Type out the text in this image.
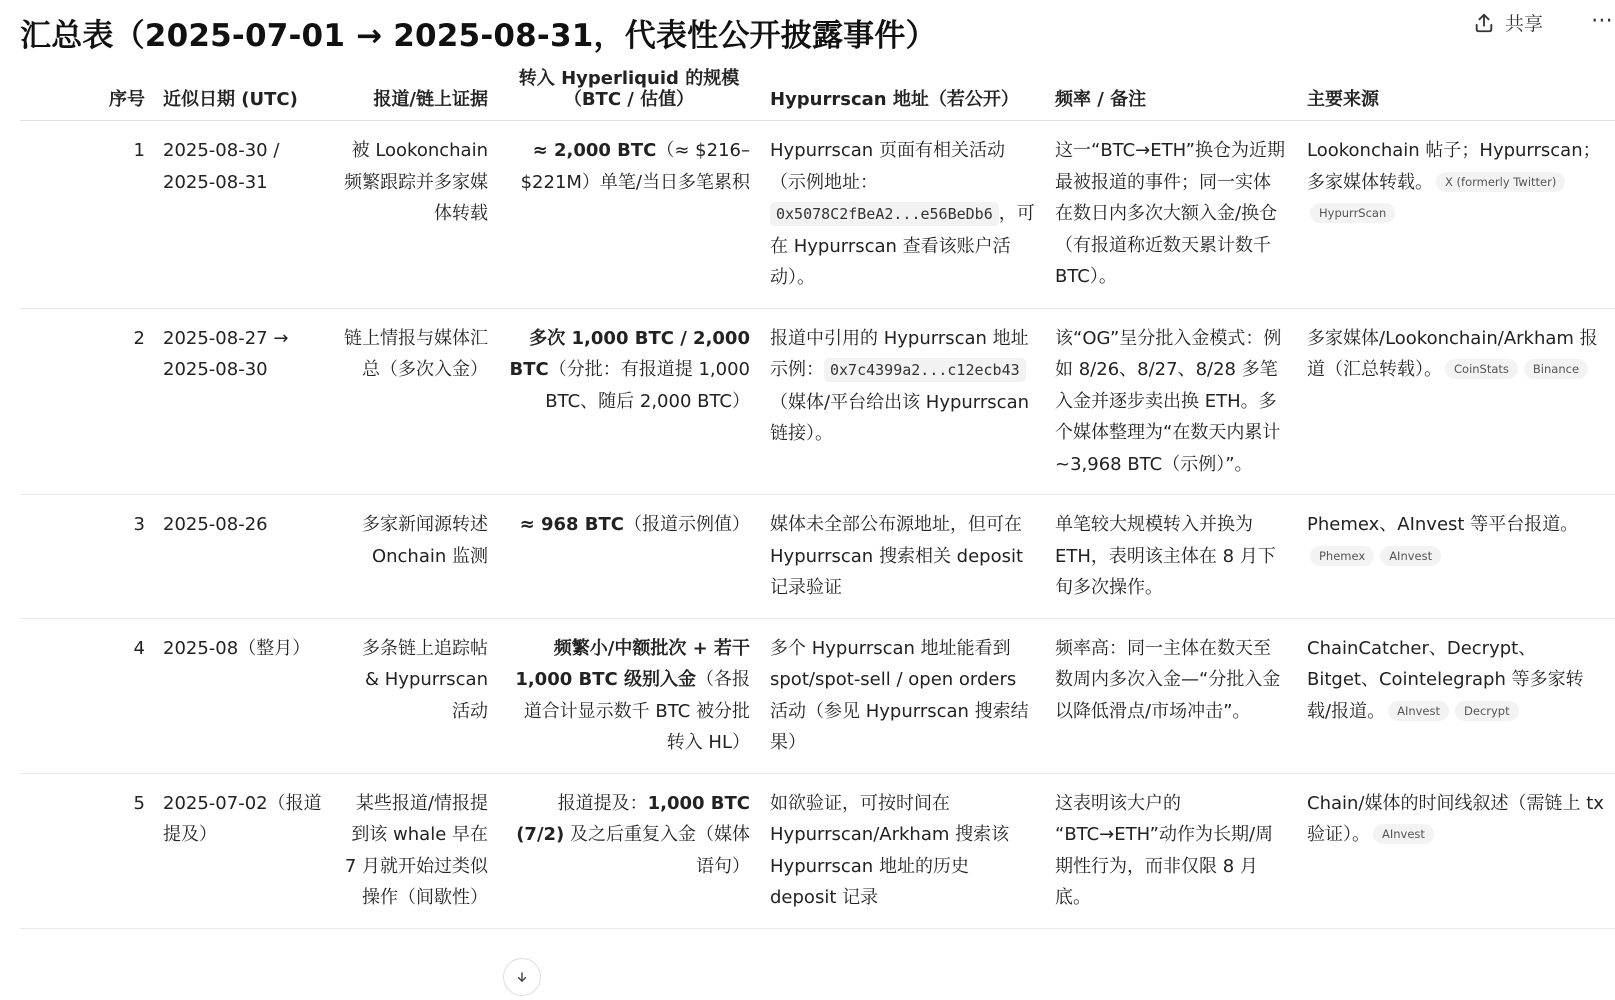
汇总表（2025-07-01 → 2025-08-31，代表性公开披露事件）	共享 ⋯
序号	近似日期 (UTC)	报道/链上证据	转入 Hyperliquid 的规模（BTC / 估值）	Hypurrscan 地址（若公开）	频率 / 备注	主要来源
1	2025-08-30 / 2025-08-31	被 Lookonchain 频繁跟踪并多家媒体转载	≈ 2,000 BTC（≈ $216–$221M）单笔/当日多笔累积	Hypurrscan 页面有相关活动（示例地址：0x5078C2fBeA2...e56BeDb6 ，可在 Hypurrscan 查看该账户活动）。	这一“BTC→ETH”换仓为近期最被报道的事件；同一实体在数日内多次大额入金/换仓（有报道称近数天累计数千 BTC）。	Lookonchain 帖子；Hypurrscan；多家媒体转载。 X (formerly Twitter)HypurrScan
2	2025-08-27 → 2025-08-30	链上情报与媒体汇总（多次入金）	多次 1,000 BTC / 2,000 BTC（分批：有报道提 1,000 BTC、随后 2,000 BTC）	报道中引用的 Hypurrscan 地址示例： 0x7c4399a2...c12ecb43（媒体/平台给出该 Hypurrscan 链接）。	该“OG”呈分批入金模式：例如 8/26、8/27、8/28 多笔入金并逐步卖出换 ETH。多个媒体整理为“在数天内累计 ~3,968 BTC（示例）”。	多家媒体/Lookonchain/Arkham 报道（汇总转载）。 CoinStats Binance
3	2025-08-26	多家新闻源转述 Onchain 监测	≈ 968 BTC（报道示例值）	媒体未全部公布源地址，但可在 Hypurrscan 搜索相关 deposit 记录验证	单笔较大规模转入并换为 ETH，表明该主体在 8 月下旬多次操作。	Phemex、AInvest 等平台报道。Phemex AInvest
4	2025-08（整月）	多条链上追踪帖 & Hypurrscan 活动	频繁小/中额批次 + 若干 1,000 BTC 级别入金（各报道合计显示数千 BTC 被分批转入 HL）	多个 Hypurrscan 地址能看到 spot/spot-sell / open orders 活动（参见 Hypurrscan 搜索结果）	频率高：同一主体在数天至数周内多次入金—“分批入金以降低滑点/市场冲击”。	ChainCatcher、Decrypt、Bitget、Cointelegraph 等多家转载/报道。 AInvest Decrypt
5	2025-07-02（报道提及）	某些报道/情报提到该 whale 早在 7 月就开始过类似操作（间歇性）	报道提及：1,000 BTC (7/2) 及之后重复入金（媒体语句）	如欲验证，可按时间在 Hypurrscan/Arkham 搜索该 Hypurrscan 地址的历史 deposit 记录	这表明该大户的 “BTC→ETH”动作为长期/周期性行为，而非仅限 8 月底。	Chain/媒体的时间线叙述（需链上 tx 验证）。 AInvest
